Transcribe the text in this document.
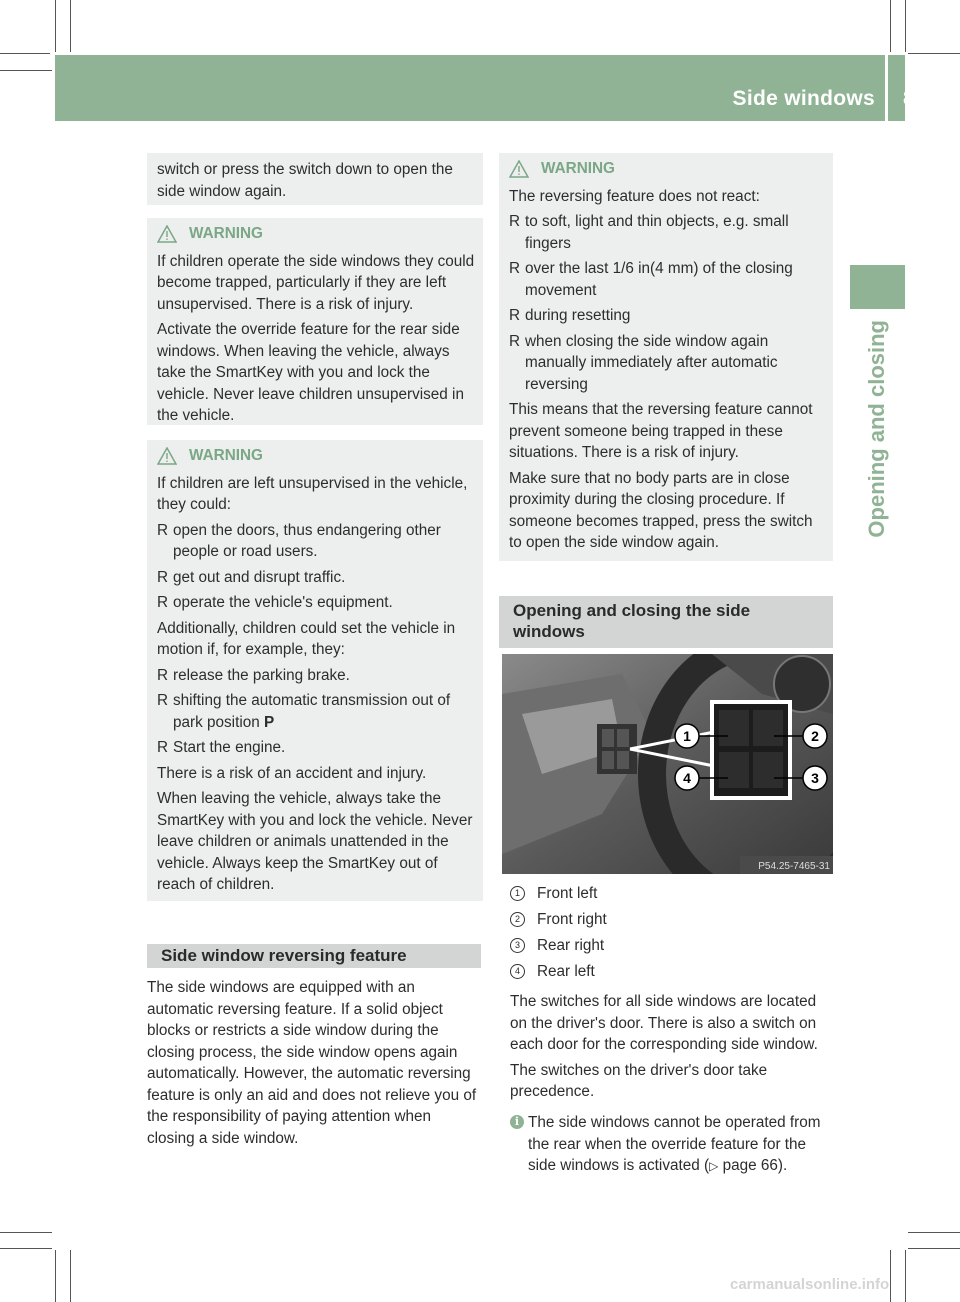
Side windows 89
Opening and closing

switch or press the switch down to open the side window again.

WARNING

If children operate the side windows they could become trapped, particularly if they are left unsupervised. There is a risk of injury.

Activate the override feature for the rear side windows. When leaving the vehicle, always take the SmartKey with you and lock the vehicle. Never leave children unsupervised in the vehicle.

WARNING

If children are left unsupervised in the vehicle, they could:

R open the doors, thus endangering other people or road users.
R get out and disrupt traffic.
R operate the vehicle's equipment.

Additionally, children could set the vehicle in motion if, for example, they:

R release the parking brake.
R shifting the automatic transmission out of park position P
R Start the engine.

There is a risk of an accident and injury.

When leaving the vehicle, always take the SmartKey with you and lock the vehicle. Never leave children or animals unattended in the vehicle. Always keep the SmartKey out of reach of children.

Side window reversing feature

The side windows are equipped with an automatic reversing feature. If a solid object blocks or restricts a side window during the closing process, the side window opens again automatically. However, the automatic reversing feature is only an aid and does not relieve you of the responsibility of paying attention when closing a side window.

WARNING

The reversing feature does not react:

R to soft, light and thin objects, e.g. small fingers
R over the last 1/6 in(4 mm) of the closing movement
R during resetting
R when closing the side window again manually immediately after automatic reversing

This means that the reversing feature cannot prevent someone being trapped in these situations. There is a risk of injury.

Make sure that no body parts are in close proximity during the closing procedure. If someone becomes trapped, press the switch to open the side window again.

Opening and closing the side windows
1	2
3
4
P54.25-7465-31
1	Front left
2	Front right
3	Rear right
4	Rear left

The switches for all side windows are located on the driver's door. There is also a switch on each door for the corresponding side window.

The switches on the driver's door take precedence.

i The side windows cannot be operated from the rear when the override feature for the side windows is activated (▷ page 66).
carmanualsonline.info
